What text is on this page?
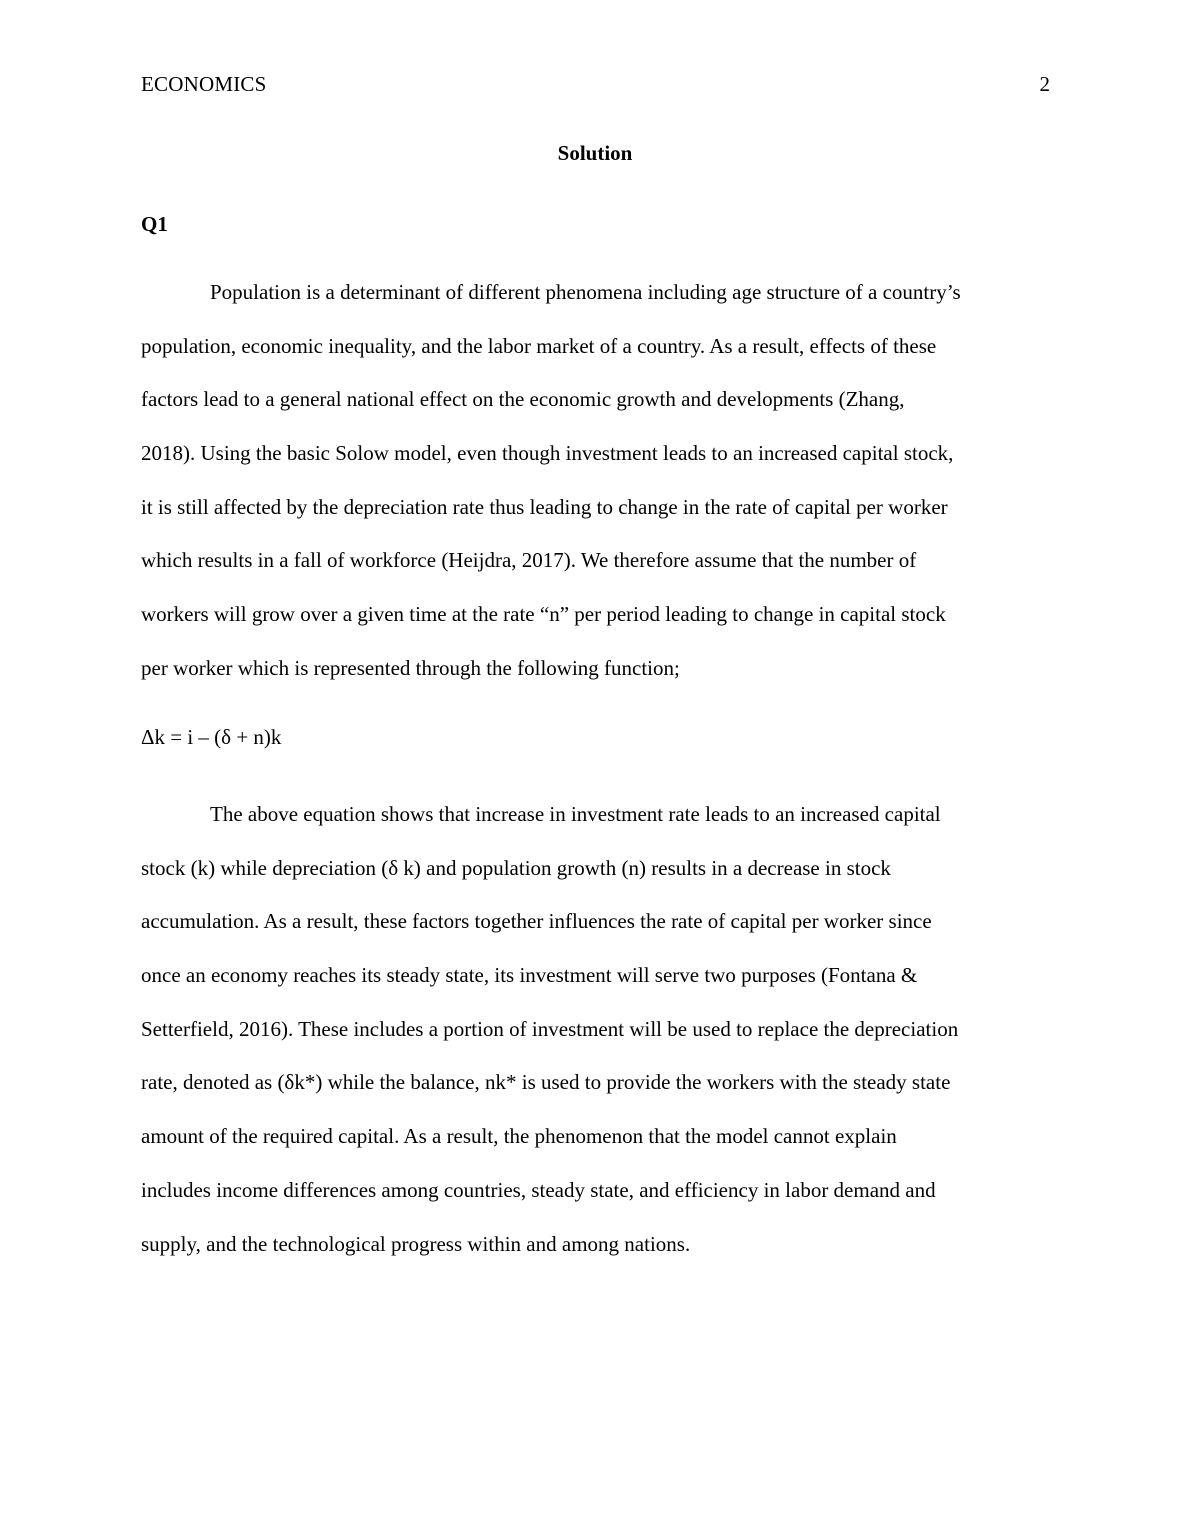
ECONOMICS	2
Solution
Q1

Population is a determinant of different phenomena including age structure of a country’s
population, economic inequality, and the labor market of a country. As a result, effects of these
factors lead to a general national effect on the economic growth and developments (Zhang,
2018). Using the basic Solow model, even though investment leads to an increased capital stock,
it is still affected by the depreciation rate thus leading to change in the rate of capital per worker
which results in a fall of workforce (Heijdra, 2017). We therefore assume that the number of
workers will grow over a given time at the rate “n” per period leading to change in capital stock
per worker which is represented through the following function;

Δk = i – (δ + n)k

The above equation shows that increase in investment rate leads to an increased capital
stock (k) while depreciation (δ k) and population growth (n) results in a decrease in stock
accumulation. As a result, these factors together influences the rate of capital per worker since
once an economy reaches its steady state, its investment will serve two purposes (Fontana &
Setterfield, 2016). These includes a portion of investment will be used to replace the depreciation
rate, denoted as (δk*) while the balance, nk* is used to provide the workers with the steady state
amount of the required capital. As a result, the phenomenon that the model cannot explain
includes income differences among countries, steady state, and efficiency in labor demand and
supply, and the technological progress within and among nations.
